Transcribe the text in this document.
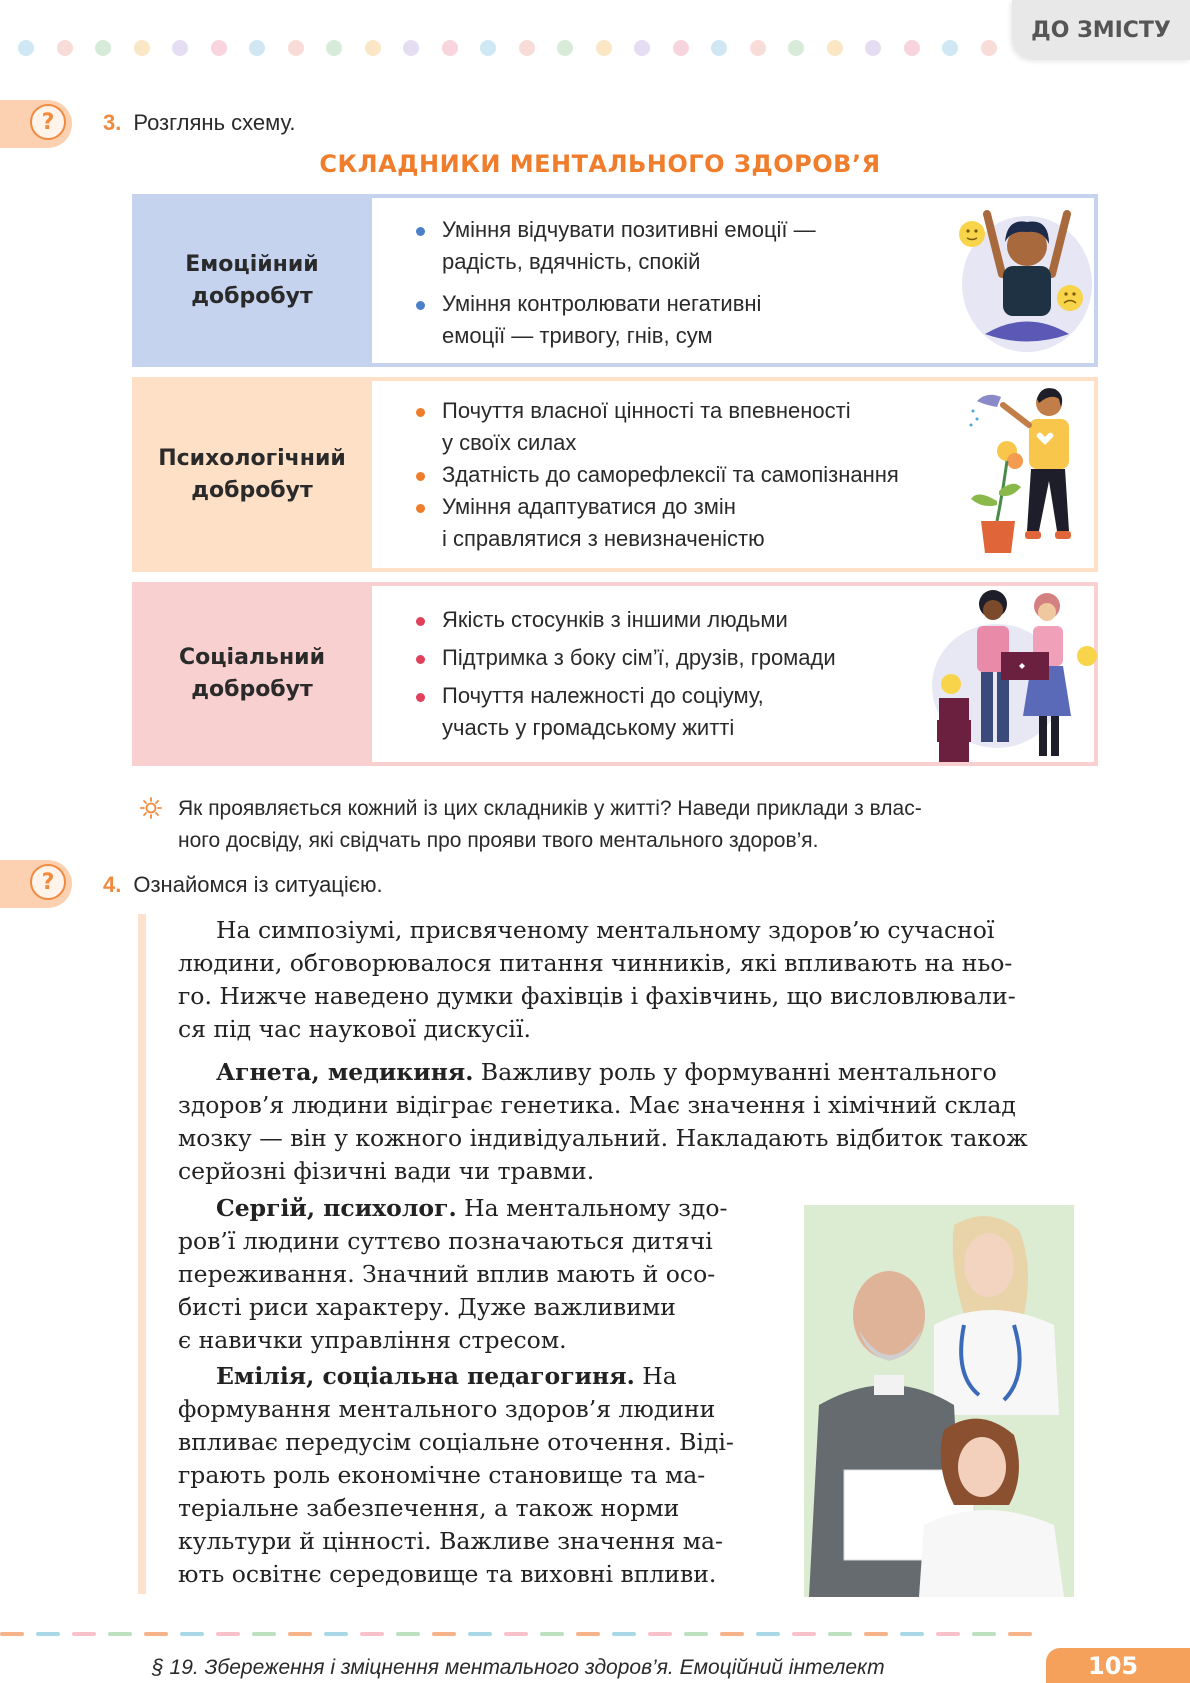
ДО ЗМІСТУ
?	3. Розглянь схему.
СКЛАДНИКИ МЕНТАЛЬНОГО ЗДОРОВ’Я
Емоційний
добробут
Уміння відчувати позитивні емоції —
радість, вдячність, спокій
Уміння контролювати негативні
емоції — тривогу, гнів, сум
Психологічний
добробут
Почуття власної цінності та впевненості
у своїх силах
Здатність до саморефлексії та самопізнання
Уміння адаптуватися до змін
і справлятися з невизначеністю
Соціальний
добробут
Якість стосунків з іншими людьми
Підтримка з боку сім’ї, друзів, громади
Почуття належності до соціуму,
участь у громадському житті
Як проявляється кожний із цих складників у житті? Наведи приклади з влас-
ного досвіду, які свідчать про прояви твого ментального здоров’я.
?	4. Ознайомся із ситуацією.
На симпозіумі, присвяченому ментальному здоров’ю сучасної
людини, обговорювалося питання чинників, які впливають на ньо-
го. Нижче наведено думки фахівців і фахівчинь, що висловлювали-
ся під час наукової дискусії.
Агнета, медикиня. Важливу роль у формуванні ментального
здоров’я людини відіграє генетика. Має значення і хімічний склад
мозку — він у кожного індивідуальний. Накладають відбиток також
серйозні фізичні вади чи травми.
Сергій, психолог. На ментальному здо-
ров’ї людини суттєво позначаються дитячі
переживання. Значний вплив мають й осо-
бисті риси характеру. Дуже важливими
є навички управління стресом.
Емілія, соціальна педагогиня. На
формування ментального здоров’я людини
впливає передусім соціальне оточення. Віді-
грають роль економічне становище та ма-
теріальне забезпечення, а також норми
культури й цінності. Важливе значення ма-
ють освітнє середовище та виховні впливи.
§ 19. Збереження і зміцнення ментального здоров’я. Емоційний інтелект	105
